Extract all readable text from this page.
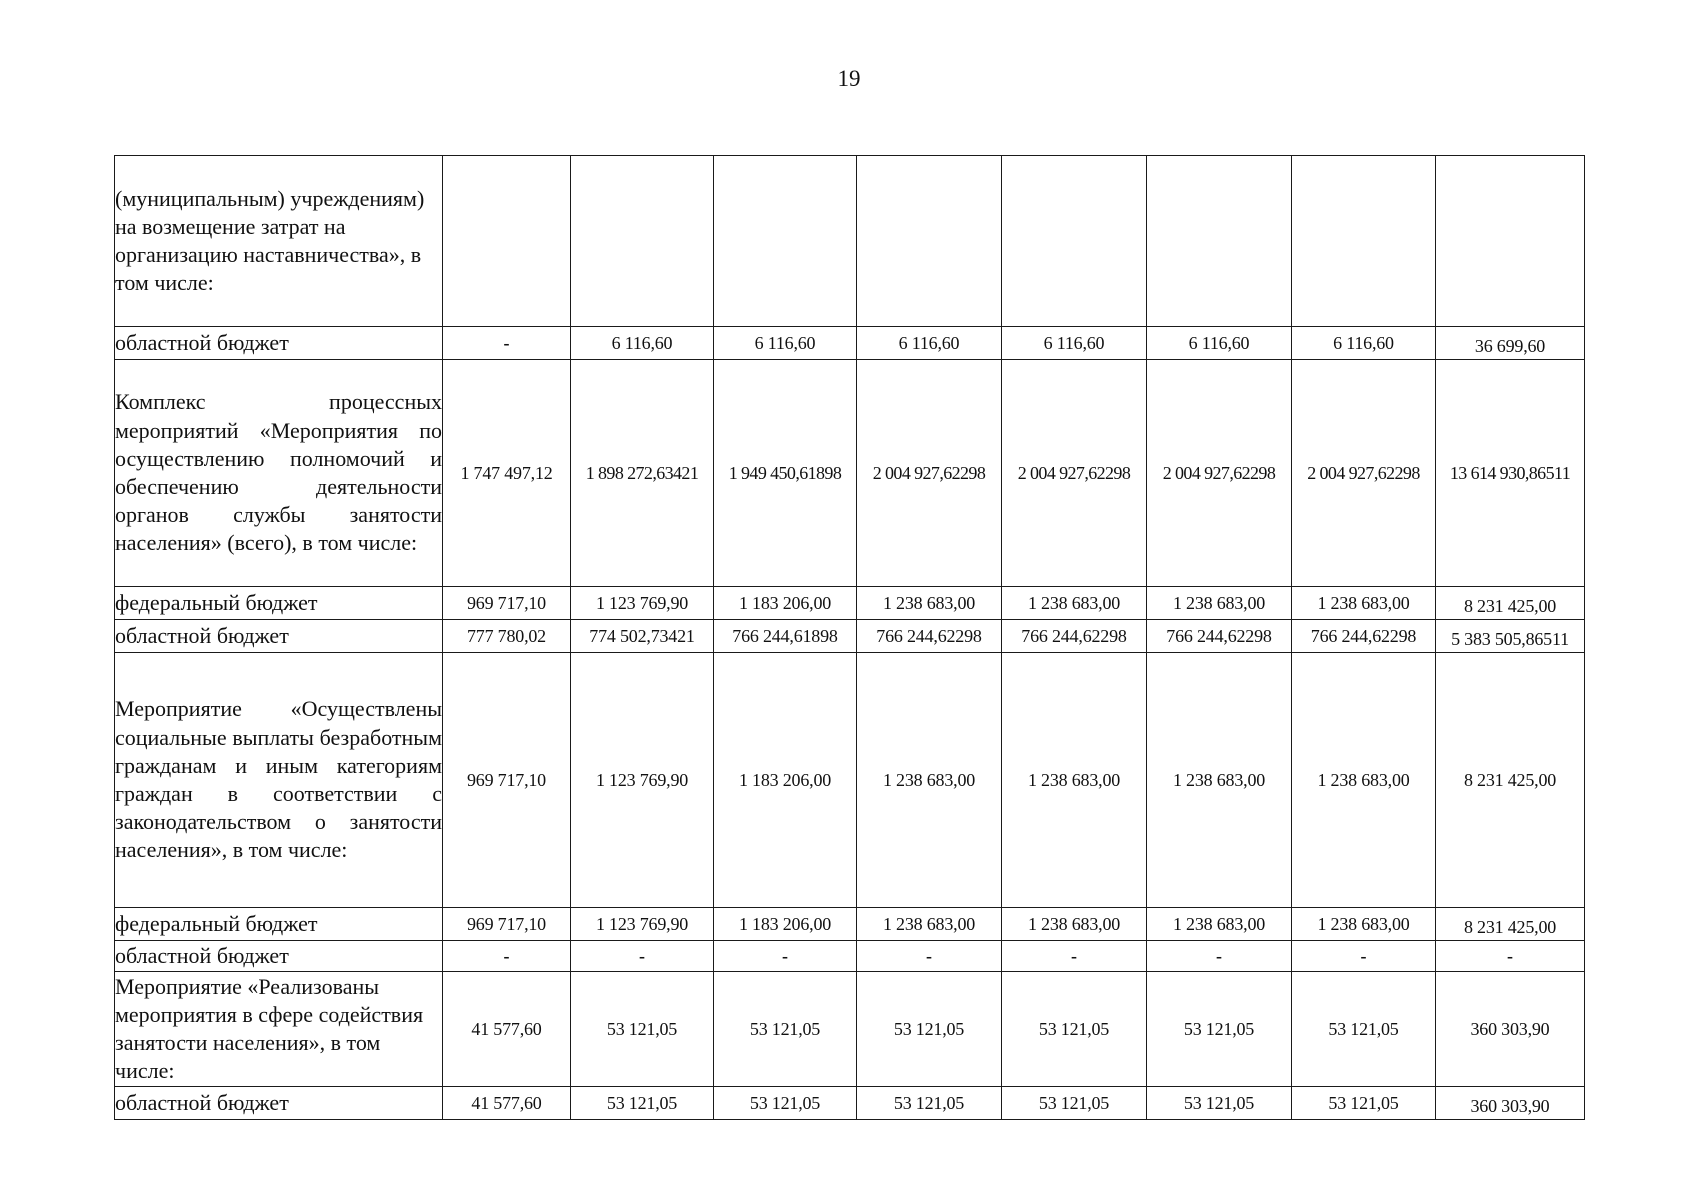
19
(муниципальным) учреждениям) на возмещение затрат на организацию наставничества», в том числе:								
областной бюджет	-	6 116,60	6 116,60	6 116,60	6 116,60	6 116,60	6 116,60	36 699,60
Комплекс процессных мероприятий «Мероприятия по осуществлению полномочий и обеспечению деятельности органов службы занятости населения» (всего), в том числе:	1 747 497,12	1 898 272,63421	1 949 450,61898	2 004 927,62298	2 004 927,62298	2 004 927,62298	2 004 927,62298	13 614 930,86511
федеральный бюджет	969 717,10	1 123 769,90	1 183 206,00	1 238 683,00	1 238 683,00	1 238 683,00	1 238 683,00	8 231 425,00
областной бюджет	777 780,02	774 502,73421	766 244,61898	766 244,62298	766 244,62298	766 244,62298	766 244,62298	5 383 505,86511
Мероприятие «Осуществлены социальные выплаты безработным гражданам и иным категориям граждан в соответствии с законодательством о занятости населения», в том числе:	969 717,10	1 123 769,90	1 183 206,00	1 238 683,00	1 238 683,00	1 238 683,00	1 238 683,00	8 231 425,00
федеральный бюджет	969 717,10	1 123 769,90	1 183 206,00	1 238 683,00	1 238 683,00	1 238 683,00	1 238 683,00	8 231 425,00
областной бюджет	-	-	-	-	-	-	-	-
Мероприятие «Реализованы мероприятия в сфере содействия занятости населения», в том числе:	41 577,60	53 121,05	53 121,05	53 121,05	53 121,05	53 121,05	53 121,05	360 303,90
областной бюджет	41 577,60	53 121,05	53 121,05	53 121,05	53 121,05	53 121,05	53 121,05	360 303,90
